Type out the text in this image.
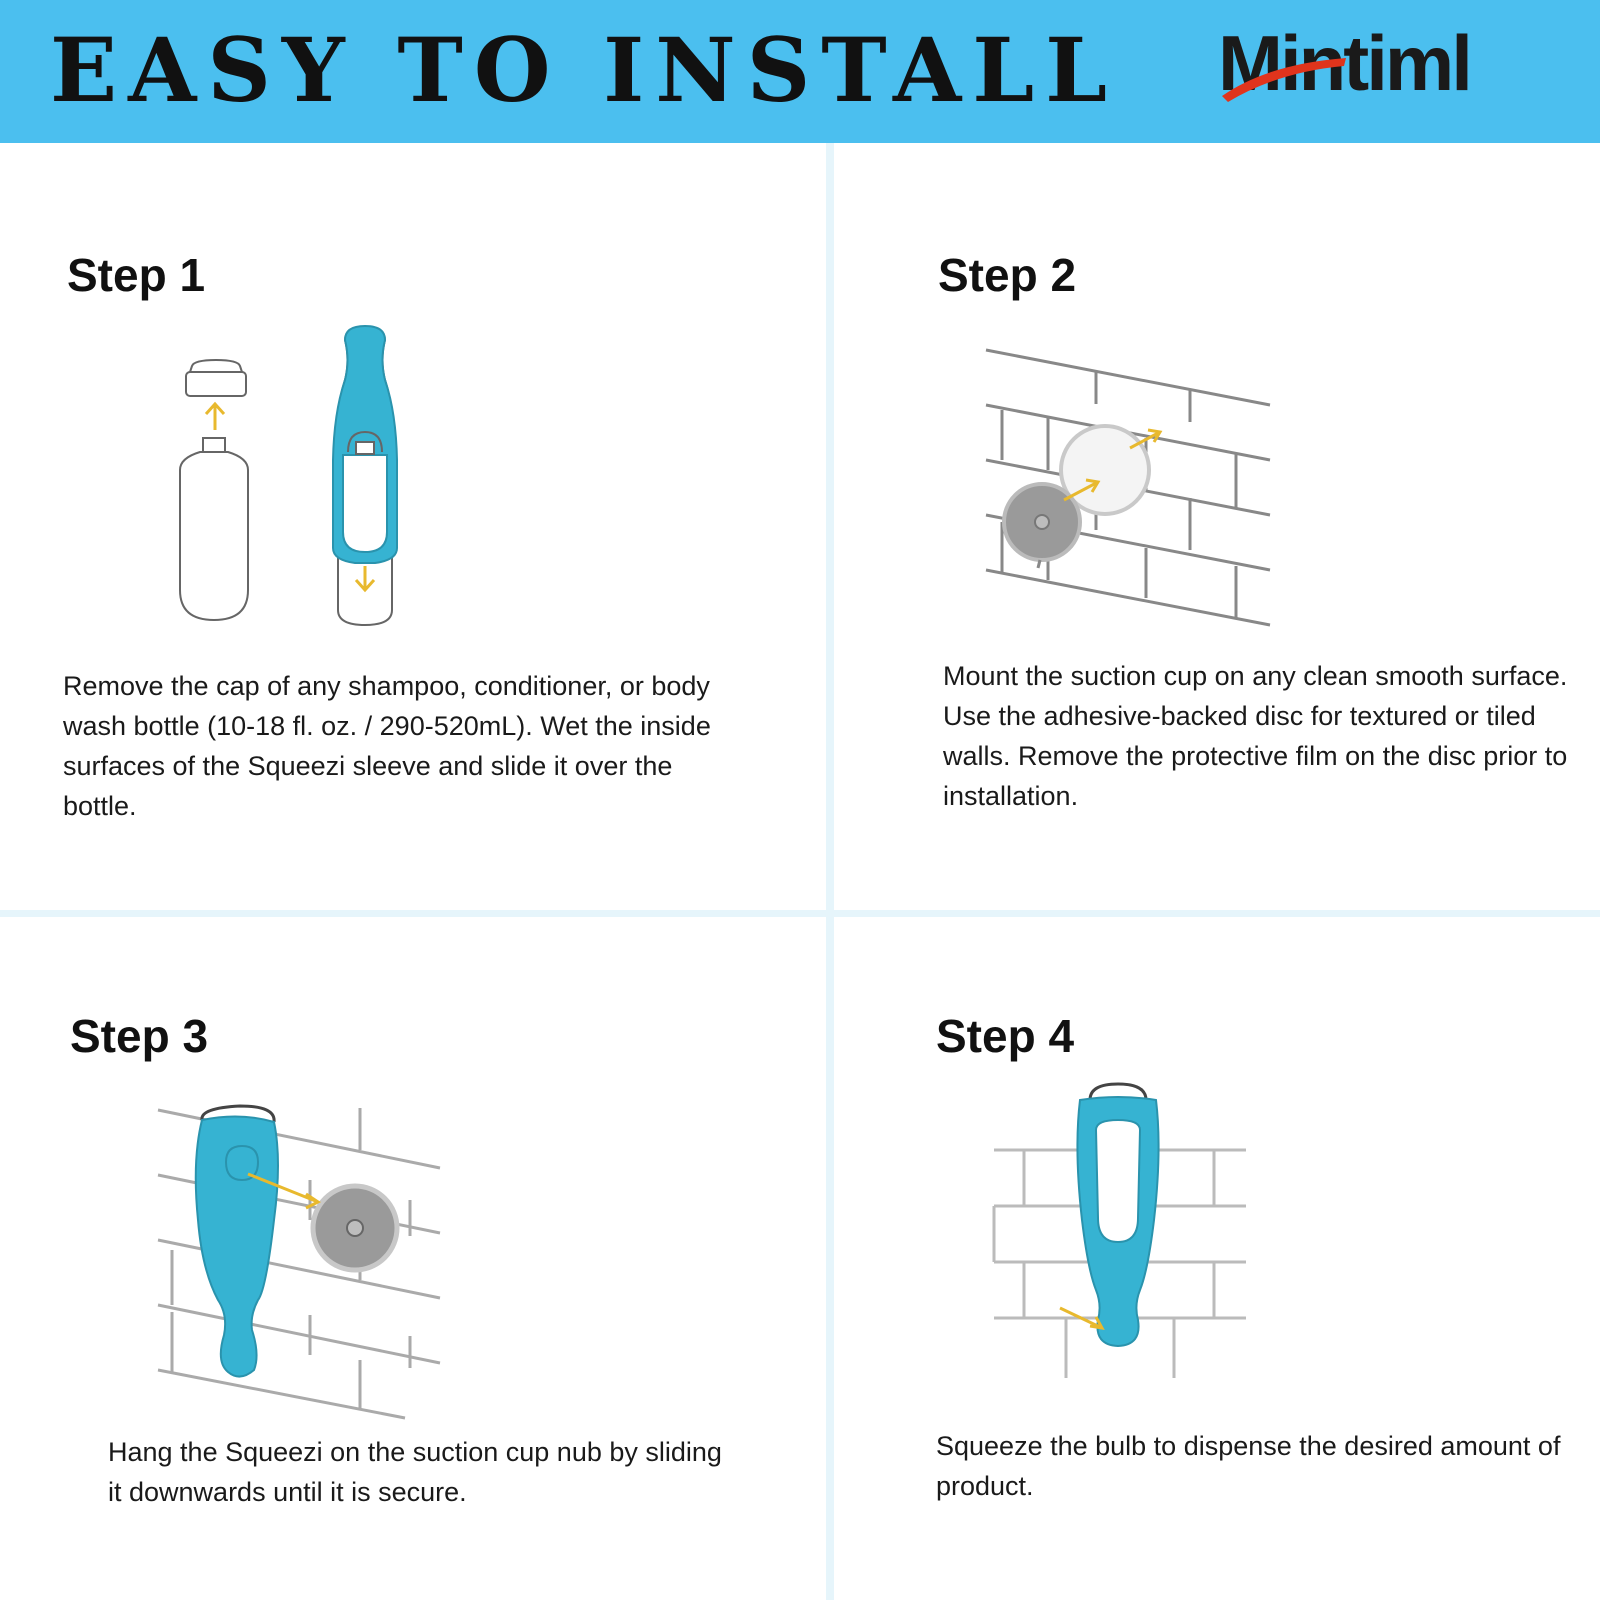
EASY TO INSTALL Mintiml
Step 1
Remove the cap of any shampoo, conditioner, or body wash bottle (10-18 fl. oz. / 290-520mL). Wet the inside surfaces of the Squeezi sleeve and slide it over the bottle.
Step 2
Mount the suction cup on any clean smooth surface. Use the adhesive-backed disc for textured or tiled walls. Remove the protective film on the disc prior to installation.
Step 3
Hang the Squeezi on the suction cup nub by sliding it downwards until it is secure.
Step 4
Squeeze the bulb to dispense the desired amount of product.
